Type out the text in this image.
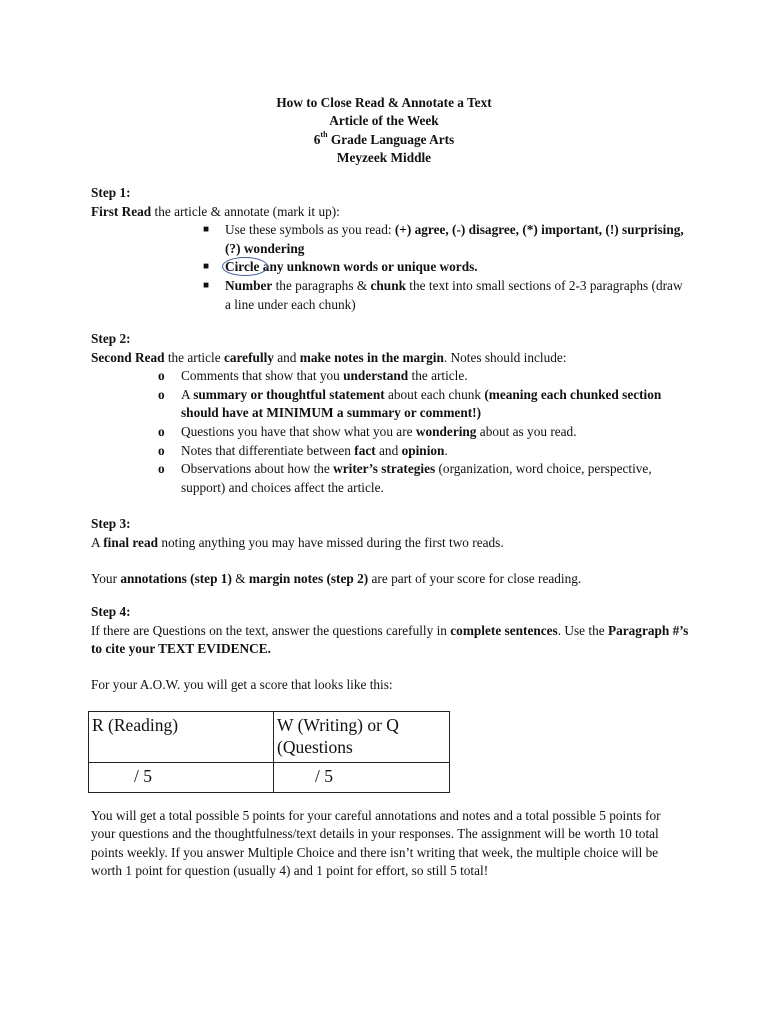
How to Close Read & Annotate a Text
Article of the Week
6th Grade Language Arts
Meyzeek Middle

Step 1:

First Read the article & annotate (mark it up):

■ Use these symbols as you read: (+) agree, (-) disagree, (*) important, (!) surprising, (?) wondering
■ Circle any unknown words or unique words.
■ Number the paragraphs & chunk the text into small sections of 2-3 paragraphs (draw a line under each chunk)

Step 2:

Second Read the article carefully and make notes in the margin. Notes should include:

o Comments that show that you understand the article.
o A summary or thoughtful statement about each chunk (meaning each chunked section should have at MINIMUM a summary or comment!)
o Questions you have that show what you are wondering about as you read.
o Notes that differentiate between fact and opinion.
o Observations about how the writer’s strategies (organization, word choice, perspective, support) and choices affect the article.

Step 3:

A final read noting anything you may have missed during the first two reads.

Your annotations (step 1) & margin notes (step 2) are part of your score for close reading.

Step 4:

If there are Questions on the text, answer the questions carefully in complete sentences. Use the Paragraph #’s to cite your TEXT EVIDENCE.

For your A.O.W. you will get a score that looks like this:

R (Reading)	W (Writing) or Q (Questions
/ 5	/ 5

You will get a total possible 5 points for your careful annotations and notes and a total possible 5 points for your questions and the thoughtfulness/text details in your responses. The assignment will be worth 10 total points weekly. If you answer Multiple Choice and there isn’t writing that week, the multiple choice will be worth 1 point for question (usually 4) and 1 point for effort, so still 5 total!
